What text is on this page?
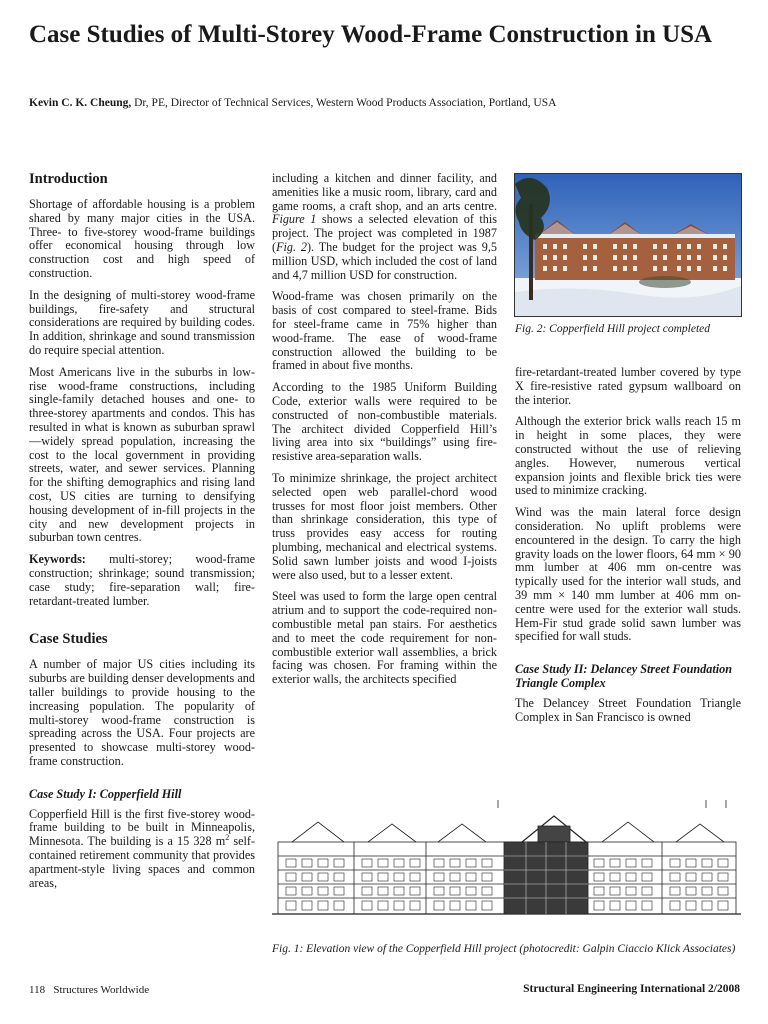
Case Studies of Multi-Storey Wood-Frame Construction in USA
Kevin C. K. Cheung, Dr, PE, Director of Technical Services, Western Wood Products Association, Portland, USA
Introduction

Shortage of affordable housing is a problem shared by many major cities in the USA. Three- to five-storey wood-frame buildings offer economical housing through low construction cost and high speed of construction.

In the designing of multi-storey wood-frame buildings, fire-safety and structural considerations are required by building codes. In addition, shrinkage and sound transmission do require special attention.

Most Americans live in the suburbs in low-rise wood-frame constructions, including single-family detached houses and one- to three-storey apartments and condos. This has resulted in what is known as suburban sprawl—widely spread population, increasing the cost to the local government in providing streets, water, and sewer services. Planning for the shifting demographics and rising land cost, US cities are turning to densifying housing development of in-fill projects in the city and new development projects in suburban town centres.

Keywords: multi-storey; wood-frame construction; shrinkage; sound transmission; case study; fire-separation wall; fire-retardant-treated lumber.

Case Studies

A number of major US cities including its suburbs are building denser developments and taller buildings to provide housing to the increasing population. The popularity of multi-storey wood-frame construction is spreading across the USA. Four projects are presented to showcase multi-storey wood-frame construction.

Case Study I: Copperfield Hill

Copperfield Hill is the first five-storey wood-frame building to be built in Minneapolis, Minnesota. The building is a 15 328 $m^2$ self-contained retirement community that provides apartment-style living spaces and common areas,

including a kitchen and dinner facility, and amenities like a music room, library, card and game rooms, a craft shop, and an arts centre. Figure 1 shows a selected elevation of this project. The project was completed in 1987 (Fig. 2). The budget for the project was 9,5 million USD, which included the cost of land and 4,7 million USD for construction.

Wood-frame was chosen primarily on the basis of cost compared to steel-frame. Bids for steel-frame came in 75% higher than wood-frame. The ease of wood-frame construction allowed the building to be framed in about five months.

According to the 1985 Uniform Building Code, exterior walls were required to be constructed of non-combustible materials. The architect divided Copperfield Hill’s living area into six “buildings” using fire-resistive area-separation walls.

To minimize shrinkage, the project architect selected open web parallel-chord wood trusses for most floor joist members. Other than shrinkage consideration, this type of truss provides easy access for routing plumbing, mechanical and electrical systems. Solid sawn lumber joists and wood I-joists were also used, but to a lesser extent.

Steel was used to form the large open central atrium and to support the code-required non-combustible metal pan stairs. For aesthetics and to meet the code requirement for non-combustible exterior wall assemblies, a brick facing was chosen. For framing within the exterior walls, the architects specified

Fig. 2: Copperfield Hill project completed

fire-retardant-treated lumber covered by type X fire-resistive rated gypsum wallboard on the interior.

Although the exterior brick walls reach 15 m in height in some places, they were constructed without the use of relieving angles. However, numerous vertical expansion joints and flexible brick ties were used to minimize cracking.

Wind was the main lateral force design consideration. No uplift problems were encountered in the design. To carry the high gravity loads on the lower floors, 64 mm × 90 mm lumber at 406 mm on-centre was typically used for the interior wall studs, and 39 mm × 140 mm lumber at 406 mm on-centre were used for the exterior wall studs. Hem-Fir stud grade solid sawn lumber was specified for wall studs.

Case Study II: Delancey Street Foundation Triangle Complex

The Delancey Street Foundation Triangle Complex in San Francisco is owned

Fig. 1: Elevation view of the Copperfield Hill project (photocredit: Galpin Ciaccio Klick Associates)
118 Structures Worldwide	Structural Engineering International 2/2008
